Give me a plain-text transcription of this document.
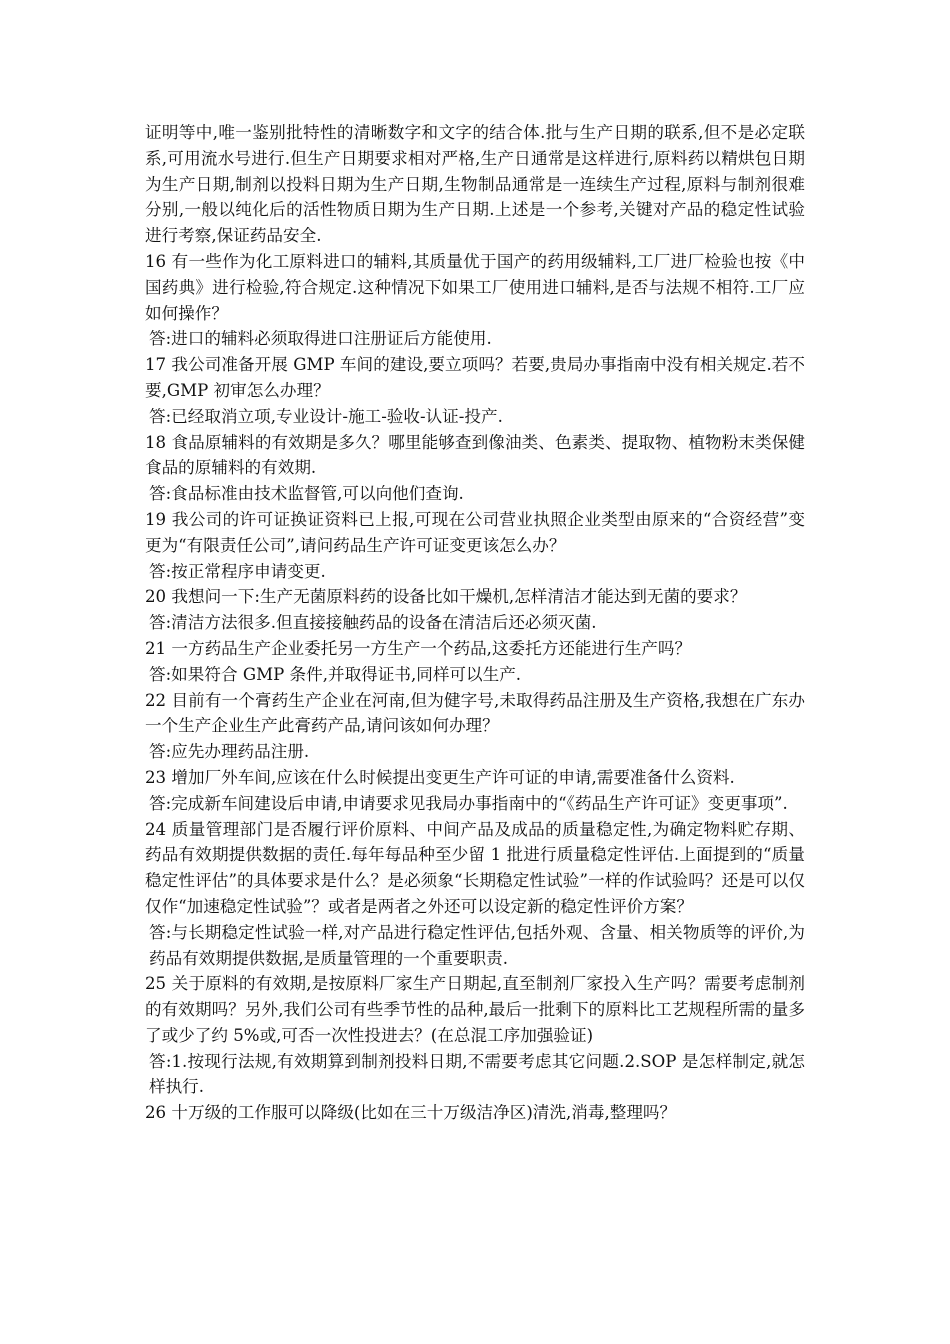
证明等中,唯一鉴别批特性的清晰数字和文字的结合体.批与生产日期的联系,但不是必定联系,可用流水号进行.但生产日期要求相对严格,生产日通常是这样进行,原料药以精烘包日期为生产日期,制剂以投料日期为生产日期,生物制品通常是一连续生产过程,原料与制剂很难分别,一般以纯化后的活性物质日期为生产日期.上述是一个参考,关键对产品的稳定性试验进行考察,保证药品安全.

16 有一些作为化工原料进口的辅料,其质量优于国产的药用级辅料,工厂进厂检验也按《中国药典》进行检验,符合规定.这种情况下如果工厂使用进口辅料,是否与法规不相符.工厂应如何操作？

答:进口的辅料必须取得进口注册证后方能使用.

17 我公司准备开展 GMP 车间的建设,要立项吗？若要,贵局办事指南中没有相关规定.若不要,GMP 初审怎么办理？

答:已经取消立项,专业设计-施工-验收-认证-投产.

18 食品原辅料的有效期是多久？哪里能够查到像油类、色素类、提取物、植物粉末类保健食品的原辅料的有效期.

答:食品标准由技术监督管,可以向他们查询.

19 我公司的许可证换证资料已上报,可现在公司营业执照企业类型由原来的“合资经营”变更为“有限责任公司”,请问药品生产许可证变更该怎么办？

答:按正常程序申请变更.

20 我想问一下:生产无菌原料药的设备比如干燥机,怎样清洁才能达到无菌的要求？

答:清洁方法很多.但直接接触药品的设备在清洁后还必须灭菌.

21 一方药品生产企业委托另一方生产一个药品,这委托方还能进行生产吗？

答:如果符合 GMP 条件,并取得证书,同样可以生产.

22 目前有一个膏药生产企业在河南,但为健字号,未取得药品注册及生产资格,我想在广东办一个生产企业生产此膏药产品,请问该如何办理？

答:应先办理药品注册.

23 增加厂外车间,应该在什么时候提出变更生产许可证的申请,需要准备什么资料.

答:完成新车间建设后申请,申请要求见我局办事指南中的“《药品生产许可证》变更事项”.

24 质量管理部门是否履行评价原料、中间产品及成品的质量稳定性,为确定物料贮存期、药品有效期提供数据的责任.每年每品种至少留 1 批进行质量稳定性评估.上面提到的“质量稳定性评估”的具体要求是什么？是必须象“长期稳定性试验”一样的作试验吗？还是可以仅仅作“加速稳定性试验”？或者是两者之外还可以设定新的稳定性评价方案？

答:与长期稳定性试验一样,对产品进行稳定性评估,包括外观、含量、相关物质等的评价,为药品有效期提供数据,是质量管理的一个重要职责.

25 关于原料的有效期,是按原料厂家生产日期起,直至制剂厂家投入生产吗？需要考虑制剂的有效期吗？另外,我们公司有些季节性的品种,最后一批剩下的原料比工艺规程所需的量多了或少了约 5%或,可否一次性投进去？(在总混工序加强验证)

答:1.按现行法规,有效期算到制剂投料日期,不需要考虑其它问题.2.SOP 是怎样制定,就怎样执行.

26 十万级的工作服可以降级(比如在三十万级洁净区)清洗,消毒,整理吗？
